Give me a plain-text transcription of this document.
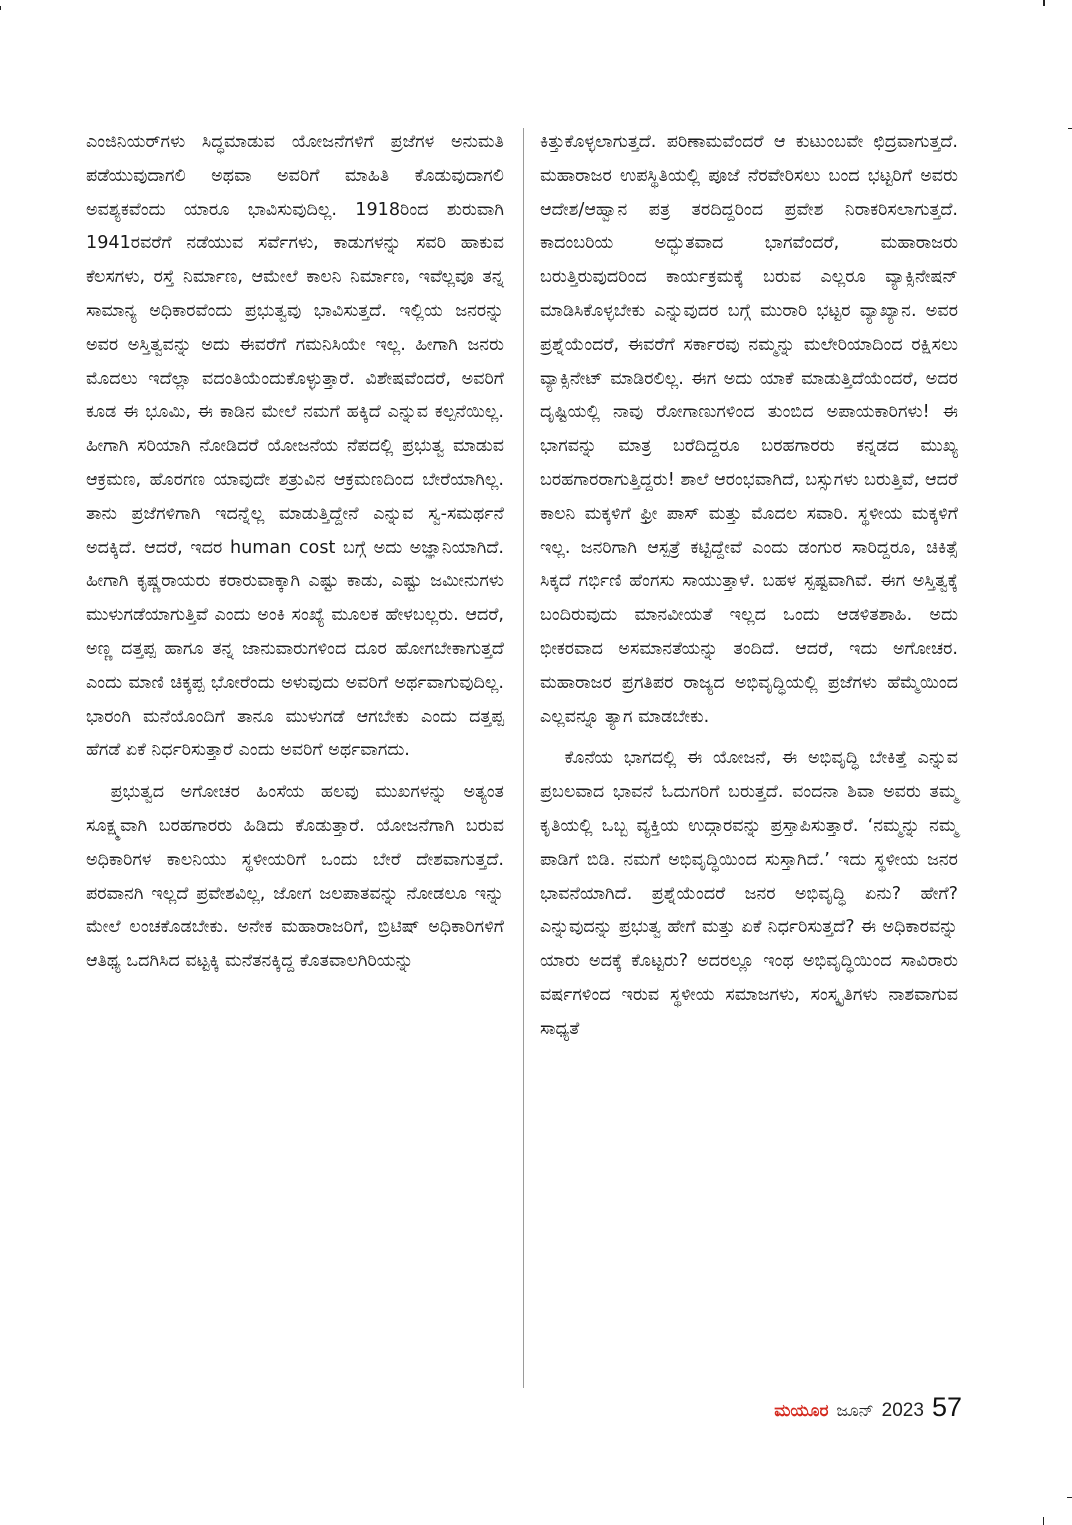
ಎಂಜಿನಿಯರ್‌ಗಳು ಸಿದ್ಧಮಾಡುವ ಯೋಜನೆಗಳಿಗೆ ಪ್ರಜೆಗಳ ಅನುಮತಿ ಪಡೆಯುವುದಾಗಲಿ ಅಥವಾ ಅವರಿಗೆ ಮಾಹಿತಿ ಕೊಡುವುದಾಗಲಿ ಅವಶ್ಯಕವೆಂದು ಯಾರೂ ಭಾವಿಸುವುದಿಲ್ಲ. 1918ರಿಂದ ಶುರುವಾಗಿ 1941ರವರೆಗೆ ನಡೆಯುವ ಸರ್ವೆಗಳು, ಕಾಡುಗಳನ್ನು ಸವರಿ ಹಾಕುವ ಕೆಲಸಗಳು, ರಸ್ತೆ ನಿರ್ಮಾಣ, ಆಮೇಲೆ ಕಾಲನಿ ನಿರ್ಮಾಣ, ಇವೆಲ್ಲವೂ ತನ್ನ ಸಾಮಾನ್ಯ ಅಧಿಕಾರವೆಂದು ಪ್ರಭುತ್ವವು ಭಾವಿಸುತ್ತದೆ. ಇಲ್ಲಿಯ ಜನರನ್ನು ಅವರ ಅಸ್ತಿತ್ವವನ್ನು ಅದು ಈವರೆಗೆ ಗಮನಿಸಿಯೇ ಇಲ್ಲ. ಹೀಗಾಗಿ ಜನರು ಮೊದಲು ಇದೆಲ್ಲಾ ವದಂತಿಯೆಂದುಕೊಳ್ಳುತ್ತಾರೆ. ವಿಶೇಷವೆಂದರೆ, ಅವರಿಗೆ ಕೂಡ ಈ ಭೂಮಿ, ಈ ಕಾಡಿನ ಮೇಲೆ ನಮಗೆ ಹಕ್ಕಿದೆ ಎನ್ನುವ ಕಲ್ಪನೆಯಿಲ್ಲ. ಹೀಗಾಗಿ ಸರಿಯಾಗಿ ನೋಡಿದರೆ ಯೋಜನೆಯ ನೆಪದಲ್ಲಿ ಪ್ರಭುತ್ವ ಮಾಡುವ ಆಕ್ರಮಣ, ಹೊರಗಣ ಯಾವುದೇ ಶತ್ರುವಿನ ಆಕ್ರಮಣದಿಂದ ಬೇರೆಯಾಗಿಲ್ಲ. ತಾನು ಪ್ರಜೆಗಳಿಗಾಗಿ ಇದನ್ನೆಲ್ಲ ಮಾಡುತ್ತಿದ್ದೇನೆ ಎನ್ನುವ ಸ್ವ-ಸಮರ್ಥನೆ ಅದಕ್ಕಿದೆ. ಆದರೆ, ಇದರ human cost ಬಗ್ಗೆ ಅದು ಅಜ್ಞಾನಿಯಾಗಿದೆ. ಹೀಗಾಗಿ ಕೃಷ್ಣರಾಯರು ಕರಾರುವಾಕ್ಕಾಗಿ ಎಷ್ಟು ಕಾಡು, ಎಷ್ಟು ಜಮೀನುಗಳು ಮುಳುಗಡೆಯಾಗುತ್ತಿವೆ ಎಂದು ಅಂಕಿ ಸಂಖ್ಯೆ ಮೂಲಕ ಹೇಳಬಲ್ಲರು. ಆದರೆ, ಅಣ್ಣ ದತ್ತಪ್ಪ ಹಾಗೂ ತನ್ನ ಜಾನುವಾರುಗಳಿಂದ ದೂರ ಹೋಗಬೇಕಾಗುತ್ತದೆ ಎಂದು ಮಾಣಿ ಚಿಕ್ಕಪ್ಪ ಭೋರೆಂದು ಅಳುವುದು ಅವರಿಗೆ ಅರ್ಥವಾಗುವುದಿಲ್ಲ. ಭಾರಂಗಿ ಮನೆಯೊಂದಿಗೆ ತಾನೂ ಮುಳುಗಡೆ ಆಗಬೇಕು ಎಂದು ದತ್ತಪ್ಪ ಹೆಗಡೆ ಏಕೆ ನಿರ್ಧರಿಸುತ್ತಾರೆ ಎಂದು ಅವರಿಗೆ ಅರ್ಥವಾಗದು.

ಪ್ರಭುತ್ವದ ಅಗೋಚರ ಹಿಂಸೆಯ ಹಲವು ಮುಖಗಳನ್ನು ಅತ್ಯಂತ ಸೂಕ್ಷ್ಮವಾಗಿ ಬರಹಗಾರರು ಹಿಡಿದು ಕೊಡುತ್ತಾರೆ. ಯೋಜನೆಗಾಗಿ ಬರುವ ಅಧಿಕಾರಿಗಳ ಕಾಲನಿಯು ಸ್ಥಳೀಯರಿಗೆ ಒಂದು ಬೇರೆ ದೇಶವಾಗುತ್ತದೆ. ಪರವಾನಗಿ ಇಲ್ಲದೆ ಪ್ರವೇಶವಿಲ್ಲ, ಜೋಗ ಜಲಪಾತವನ್ನು ನೋಡಲೂ ಇನ್ನು ಮೇಲೆ ಲಂಚಕೊಡಬೇಕು. ಅನೇಕ ಮಹಾರಾಜರಿಗೆ, ಬ್ರಿಟಿಷ್ ಅಧಿಕಾರಿಗಳಿಗೆ ಆತಿಥ್ಯ ಒದಗಿಸಿದ ವಟ್ಟಕ್ಕಿ ಮನೆತನಕ್ಕಿದ್ದ ಕೊತವಾಲಗಿರಿಯನ್ನು

ಕಿತ್ತುಕೊಳ್ಳಲಾಗುತ್ತದೆ. ಪರಿಣಾಮವೆಂದರೆ ಆ ಕುಟುಂಬವೇ ಛಿದ್ರವಾಗುತ್ತದೆ. ಮಹಾರಾಜರ ಉಪಸ್ಥಿತಿಯಲ್ಲಿ ಪೂಜೆ ನೆರವೇರಿಸಲು ಬಂದ ಭಟ್ಟರಿಗೆ ಅವರು ಆದೇಶ/ಆಹ್ವಾನ ಪತ್ರ ತರದಿದ್ದರಿಂದ ಪ್ರವೇಶ ನಿರಾಕರಿಸಲಾಗುತ್ತದೆ. ಕಾದಂಬರಿಯ ಅದ್ಭುತವಾದ ಭಾಗವೆಂದರೆ, ಮಹಾರಾಜರು ಬರುತ್ತಿರುವುದರಿಂದ ಕಾರ್ಯಕ್ರಮಕ್ಕೆ ಬರುವ ಎಲ್ಲರೂ ವ್ಯಾಕ್ಸಿನೇಷನ್ ಮಾಡಿಸಿಕೊಳ್ಳಬೇಕು ಎನ್ನುವುದರ ಬಗ್ಗೆ ಮುರಾರಿ ಭಟ್ಟರ ವ್ಯಾಖ್ಯಾನ. ಅವರ ಪ್ರಶ್ನೆಯೆಂದರೆ, ಈವರೆಗೆ ಸರ್ಕಾರವು ನಮ್ಮನ್ನು ಮಲೇರಿಯಾದಿಂದ ರಕ್ಷಿಸಲು ವ್ಯಾಕ್ಸಿನೇಟ್ ಮಾಡಿರಲಿಲ್ಲ. ಈಗ ಅದು ಯಾಕೆ ಮಾಡುತ್ತಿದೆಯೆಂದರೆ, ಅದರ ದೃಷ್ಟಿಯಲ್ಲಿ ನಾವು ರೋಗಾಣುಗಳಿಂದ ತುಂಬಿದ ಅಪಾಯಕಾರಿಗಳು! ಈ ಭಾಗವನ್ನು ಮಾತ್ರ ಬರೆದಿದ್ದರೂ ಬರಹಗಾರರು ಕನ್ನಡದ ಮುಖ್ಯ ಬರಹಗಾರರಾಗುತ್ತಿದ್ದರು! ಶಾಲೆ ಆರಂಭವಾಗಿದೆ, ಬಸ್ಸುಗಳು ಬರುತ್ತಿವೆ, ಆದರೆ ಕಾಲನಿ ಮಕ್ಕಳಿಗೆ ಫ್ರೀ ಪಾಸ್ ಮತ್ತು ಮೊದಲ ಸವಾರಿ. ಸ್ಥಳೀಯ ಮಕ್ಕಳಿಗೆ ಇಲ್ಲ. ಜನರಿಗಾಗಿ ಆಸ್ಪತ್ರೆ ಕಟ್ಟಿದ್ದೇವೆ ಎಂದು ಡಂಗುರ ಸಾರಿದ್ದರೂ, ಚಿಕಿತ್ಸೆ ಸಿಕ್ಕದೆ ಗರ್ಭಿಣಿ ಹೆಂಗಸು ಸಾಯುತ್ತಾಳೆ. ಬಹಳ ಸ್ಪಷ್ಟವಾಗಿವೆ. ಈಗ ಅಸ್ತಿತ್ವಕ್ಕೆ ಬಂದಿರುವುದು ಮಾನವೀಯತೆ ಇಲ್ಲದ ಒಂದು ಆಡಳಿತಶಾಹಿ. ಅದು ಭೀಕರವಾದ ಅಸಮಾನತೆಯನ್ನು ತಂದಿದೆ. ಆದರೆ, ಇದು ಅಗೋಚರ. ಮಹಾರಾಜರ ಪ್ರಗತಿಪರ ರಾಜ್ಯದ ಅಭಿವೃದ್ಧಿಯಲ್ಲಿ ಪ್ರಜೆಗಳು ಹೆಮ್ಮೆಯಿಂದ ಎಲ್ಲವನ್ನೂ ತ್ಯಾಗ ಮಾಡಬೇಕು.

ಕೊನೆಯ ಭಾಗದಲ್ಲಿ ಈ ಯೋಜನೆ, ಈ ಅಭಿವೃದ್ಧಿ ಬೇಕಿತ್ತೆ ಎನ್ನುವ ಪ್ರಬಲವಾದ ಭಾವನೆ ಓದುಗರಿಗೆ ಬರುತ್ತದೆ. ವಂದನಾ ಶಿವಾ ಅವರು ತಮ್ಮ ಕೃತಿಯಲ್ಲಿ ಒಬ್ಬ ವ್ಯಕ್ತಿಯ ಉದ್ಗಾರವನ್ನು ಪ್ರಸ್ತಾಪಿಸುತ್ತಾರೆ. ‘ನಮ್ಮನ್ನು ನಮ್ಮ ಪಾಡಿಗೆ ಬಿಡಿ. ನಮಗೆ ಅಭಿವೃದ್ಧಿಯಿಂದ ಸುಸ್ತಾಗಿದೆ.’ ಇದು ಸ್ಥಳೀಯ ಜನರ ಭಾವನೆಯಾಗಿದೆ. ಪ್ರಶ್ನೆಯೆಂದರೆ ಜನರ ಅಭಿವೃದ್ಧಿ ಏನು? ಹೇಗೆ? ಎನ್ನುವುದನ್ನು ಪ್ರಭುತ್ವ ಹೇಗೆ ಮತ್ತು ಏಕೆ ನಿರ್ಧರಿಸುತ್ತದೆ? ಈ ಅಧಿಕಾರವನ್ನು ಯಾರು ಅದಕ್ಕೆ ಕೊಟ್ಟರು? ಅದರಲ್ಲೂ ಇಂಥ ಅಭಿವೃದ್ಧಿಯಿಂದ ಸಾವಿರಾರು ವರ್ಷಗಳಿಂದ ಇರುವ ಸ್ಥಳೀಯ ಸಮಾಜಗಳು, ಸಂಸ್ಕೃತಿಗಳು ನಾಶವಾಗುವ ಸಾಧ್ಯತೆ

ಮಯೂರ ಜೂನ್ 2023 57
